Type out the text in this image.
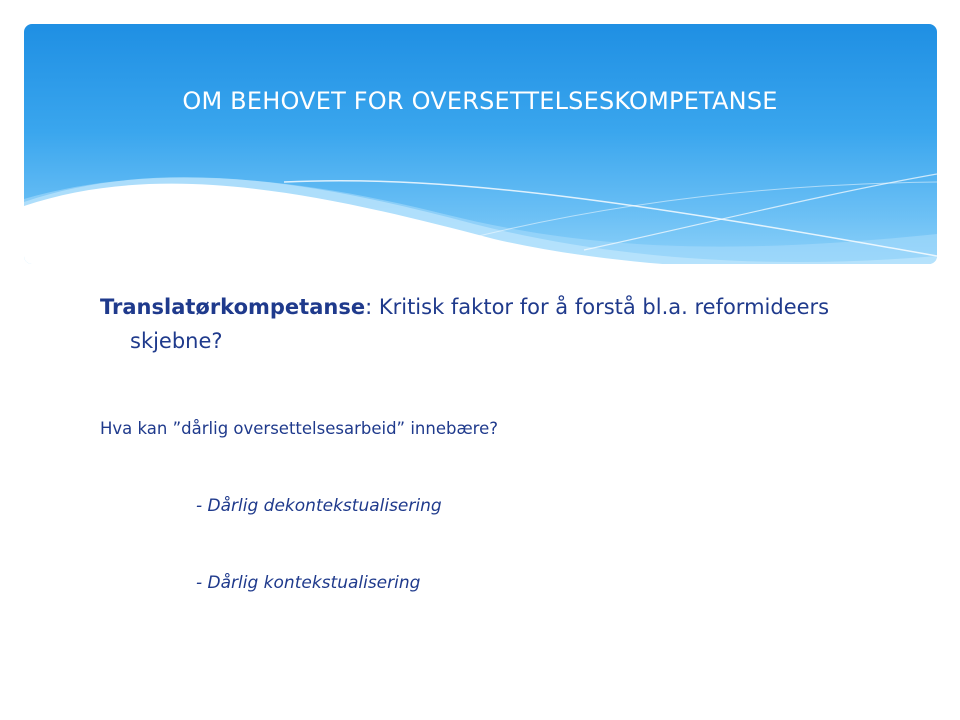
OM BEHOVET FOR OVERSETTELSESKOMPETANSE
Translatørkompetanse: Kritisk faktor for å forstå bl.a. reformideers skjebne?
Hva kan ”dårlig oversettelsesarbeid” innebære?
- Dårlig dekontekstualisering
- Dårlig kontekstualisering
